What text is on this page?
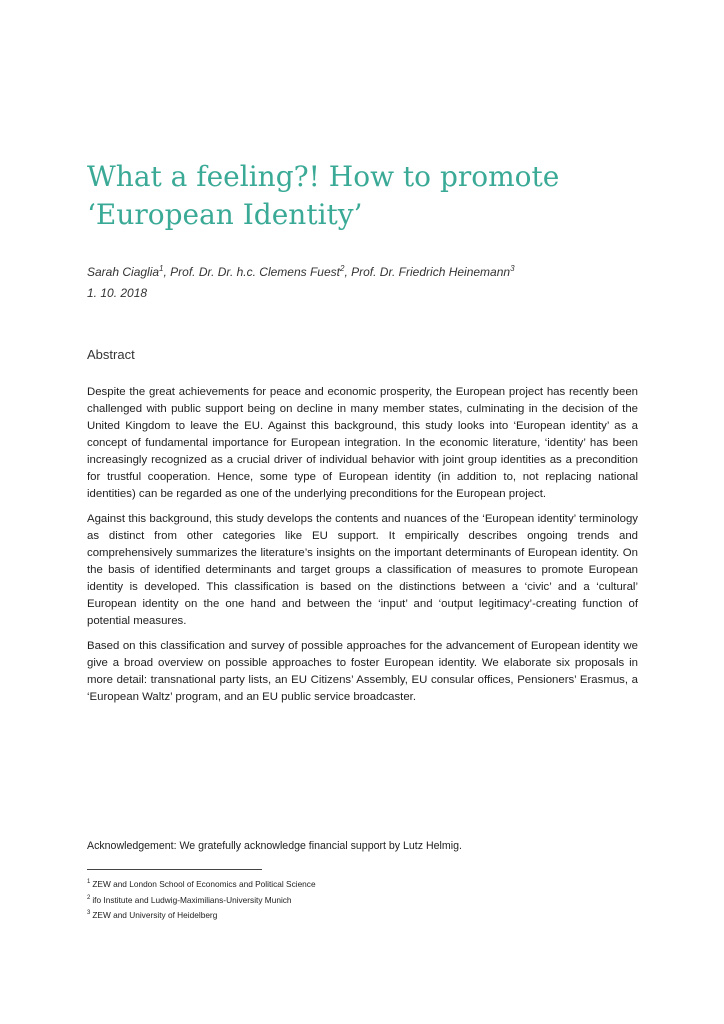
What a feeling?! How to promote
‘European Identity’
Sarah Ciaglia$^1$, Prof. Dr. Dr. h.c. Clemens Fuest$^2$, Prof. Dr. Friedrich Heinemann$^3$
1. 10. 2018
Abstract

Despite the great achievements for peace and economic prosperity, the European project has recently been challenged with public support being on decline in many member states, culminating in the decision of the United Kingdom to leave the EU. Against this background, this study looks into ‘European identity’ as a concept of fundamental importance for European integration. In the economic literature, ‘identity’ has been increasingly recognized as a crucial driver of individual behavior with joint group identities as a precondition for trustful cooperation. Hence, some type of European identity (in addition to, not replacing national identities) can be regarded as one of the underlying preconditions for the European project.

Against this background, this study develops the contents and nuances of the ‘European identity’ terminology as distinct from other categories like EU support. It empirically describes ongoing trends and comprehensively summarizes the literature’s insights on the important determinants of European identity. On the basis of identified determinants and target groups a classification of measures to promote European identity is developed. This classification is based on the distinctions between a ‘civic’ and a ‘cultural’ European identity on the one hand and between the ‘input’ and ‘output legitimacy’-creating function of potential measures.

Based on this classification and survey of possible approaches for the advancement of European identity we give a broad overview on possible approaches to foster European identity. We elaborate six proposals in more detail: transnational party lists, an EU Citizens’ Assembly, EU consular offices, Pensioners’ Erasmus, a ‘European Waltz’ program, and an EU public service broadcaster.

Acknowledgement: We gratefully acknowledge financial support by Lutz Helmig.
$^1$ ZEW and London School of Economics and Political Science
$^2$ ifo Institute and Ludwig-Maximilians-University Munich
$^3$ ZEW and University of Heidelberg
